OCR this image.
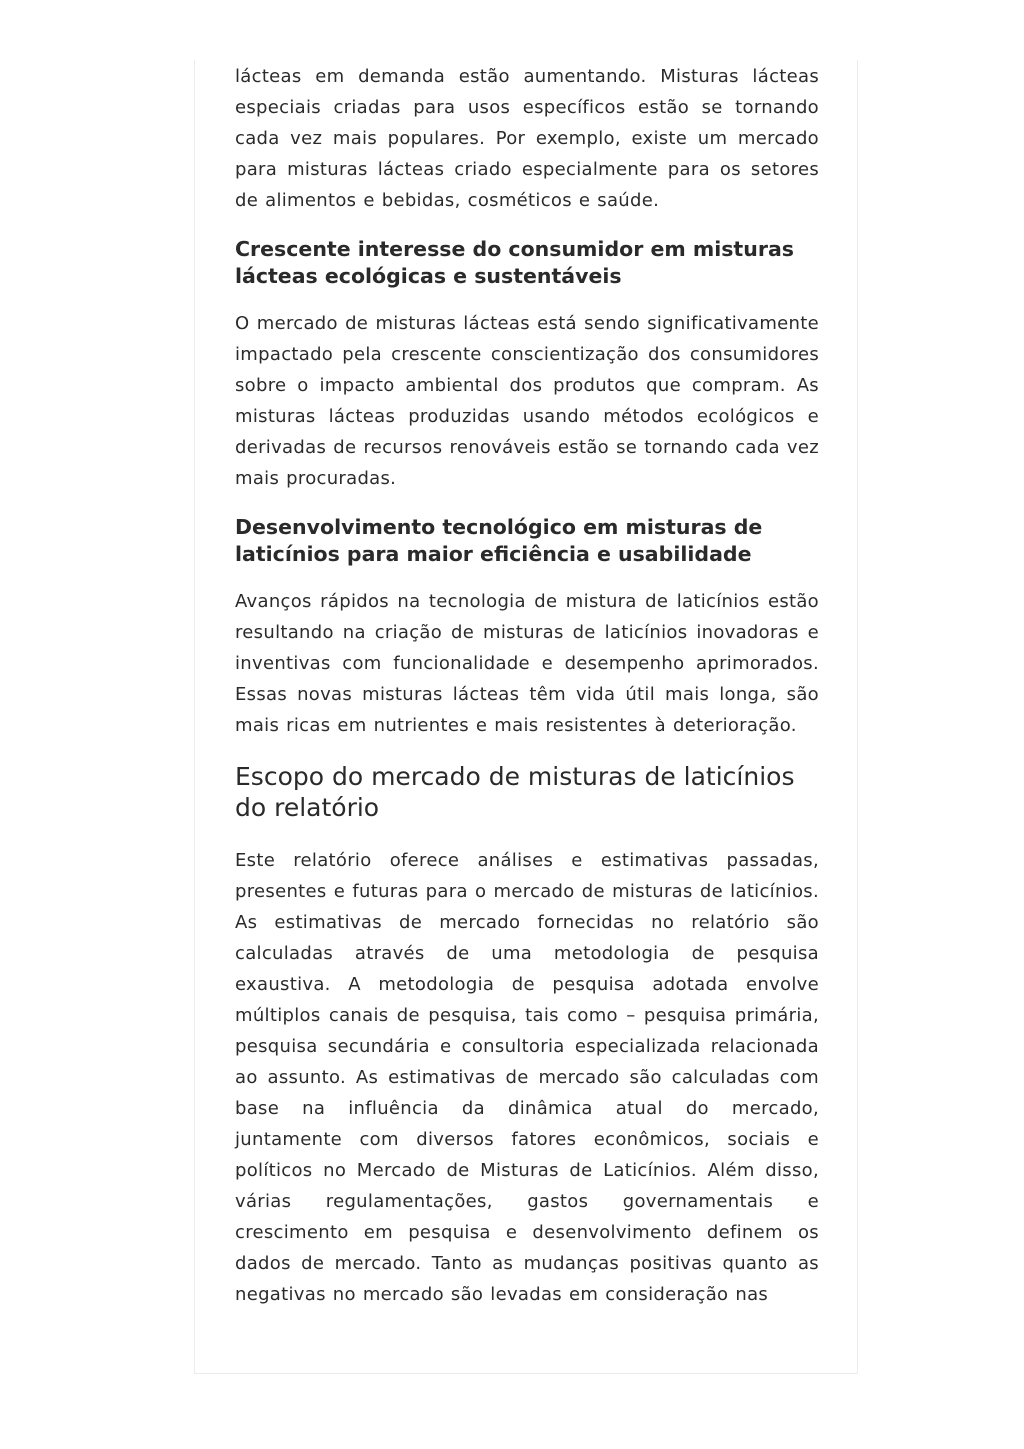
lácteas em demanda estão aumentando. Misturas lácteas especiais criadas para usos específicos estão se tornando cada vez mais populares. Por exemplo, existe um mercado para misturas lácteas criado especialmente para os setores de alimentos e bebidas, cosméticos e saúde.

Crescente interesse do consumidor em misturas lácteas ecológicas e sustentáveis

O mercado de misturas lácteas está sendo significativamente impactado pela crescente conscientização dos consumidores sobre o impacto ambiental dos produtos que compram. As misturas lácteas produzidas usando métodos ecológicos e derivadas de recursos renováveis estão se tornando cada vez mais procuradas.

Desenvolvimento tecnológico em misturas de laticínios para maior eficiência e usabilidade

Avanços rápidos na tecnologia de mistura de laticínios estão resultando na criação de misturas de laticínios inovadoras e inventivas com funcionalidade e desempenho aprimorados. Essas novas misturas lácteas têm vida útil mais longa, são mais ricas em nutrientes e mais resistentes à deterioração.

Escopo do mercado de misturas de laticínios do relatório

Este relatório oferece análises e estimativas passadas, presentes e futuras para o mercado de misturas de laticínios. As estimativas de mercado fornecidas no relatório são calculadas através de uma metodologia de pesquisa exaustiva. A metodologia de pesquisa adotada envolve múltiplos canais de pesquisa, tais como – pesquisa primária, pesquisa secundária e consultoria especializada relacionada ao assunto. As estimativas de mercado são calculadas com base na influência da dinâmica atual do mercado, juntamente com diversos fatores econômicos, sociais e políticos no Mercado de Misturas de Laticínios. Além disso, várias regulamentações, gastos governamentais e crescimento em pesquisa e desenvolvimento definem os dados de mercado. Tanto as mudanças positivas quanto as negativas no mercado são levadas em consideração nas
